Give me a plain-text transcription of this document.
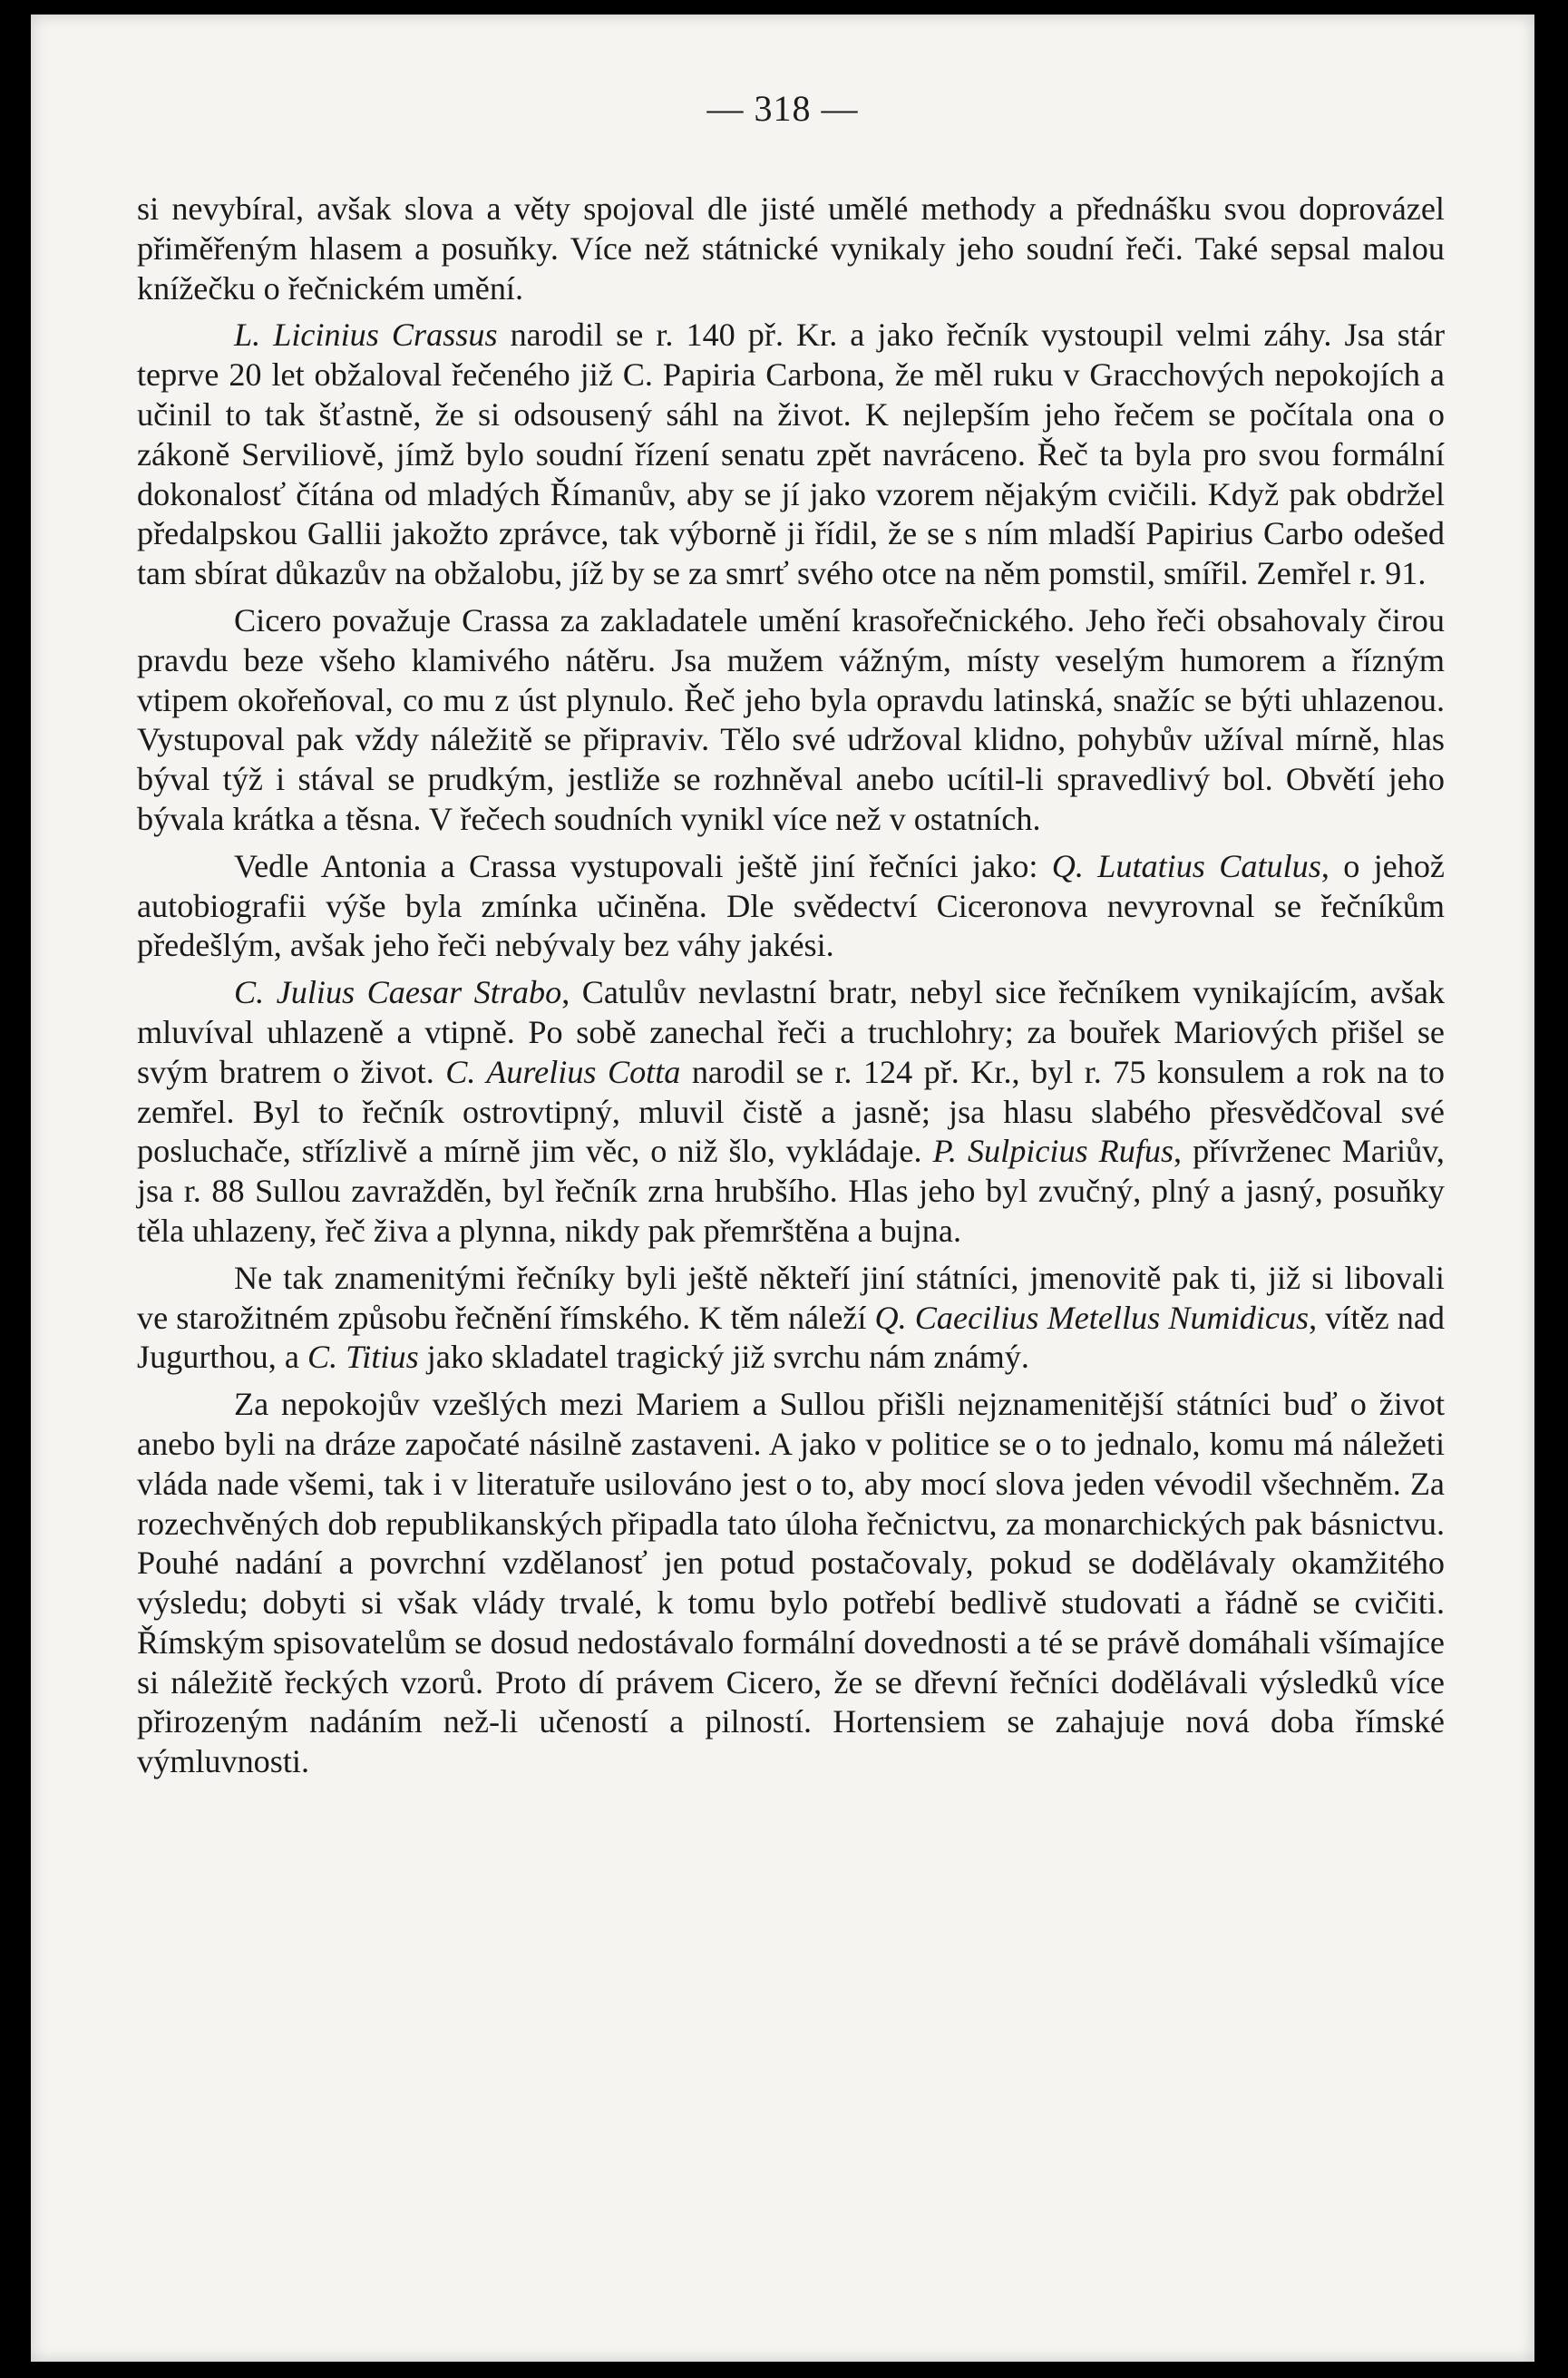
— 318 —

si nevybíral, avšak slova a věty spojoval dle jisté umělé methody a přednášku svou doprovázel přiměřeným hlasem a posuňky. Více než státnické vynikaly jeho soudní řeči. Také sepsal malou knížečku o řečnickém umění.

L. Licinius Crassus narodil se r. 140 př. Kr. a jako řečník vystoupil velmi záhy. Jsa stár teprve 20 let obžaloval řečeného již C. Papiria Carbona, že měl ruku v Gracchových nepokojích a učinil to tak šťastně, že si odsousený sáhl na život. K nejlepším jeho řečem se počítala ona o zákoně Serviliově, jímž bylo soudní řízení senatu zpět navráceno. Řeč ta byla pro svou formální dokonalosť čítána od mladých Římanův, aby se jí jako vzorem nějakým cvičili. Když pak obdržel předalpskou Gallii jakožto zprávce, tak výborně ji řídil, že se s ním mladší Papirius Carbo odešed tam sbírat důkazův na obžalobu, jíž by se za smrť svého otce na něm pomstil, smířil. Zemřel r. 91.

Cicero považuje Crassa za zakladatele umění krasořečnického. Jeho řeči obsahovaly čirou pravdu beze všeho klamivého nátěru. Jsa mužem vážným, místy veselým humorem a řízným vtipem okořeňoval, co mu z úst plynulo. Řeč jeho byla opravdu latinská, snažíc se býti uhlazenou. Vystupoval pak vždy náležitě se připraviv. Tělo své udržoval klidno, pohybův užíval mírně, hlas býval týž i stával se prudkým, jestliže se rozhněval anebo ucítil-li spravedlivý bol. Obvětí jeho bývala krátka a těsna. V řečech soudních vynikl více než v ostatních.

Vedle Antonia a Crassa vystupovali ještě jiní řečníci jako: Q. Lutatius Catulus, o jehož autobiografii výše byla zmínka učiněna. Dle svědectví Ciceronova nevyrovnal se řečníkům předešlým, avšak jeho řeči nebývaly bez váhy jakési.

C. Julius Caesar Strabo, Catulův nevlastní bratr, nebyl sice řečníkem vynikajícím, avšak mluvíval uhlazeně a vtipně. Po sobě zanechal řeči a truchlohry; za bouřek Mariových přišel se svým bratrem o život. C. Aurelius Cotta narodil se r. 124 př. Kr., byl r. 75 konsulem a rok na to zemřel. Byl to řečník ostrovtipný, mluvil čistě a jasně; jsa hlasu slabého přesvědčoval své posluchače, střízlivě a mírně jim věc, o niž šlo, vykládaje. P. Sulpicius Rufus, přívrženec Mariův, jsa r. 88 Sullou zavražděn, byl řečník zrna hrubšího. Hlas jeho byl zvučný, plný a jasný, posuňky těla uhlazeny, řeč živa a plynna, nikdy pak přemrštěna a bujna.

Ne tak znamenitými řečníky byli ještě někteří jiní státníci, jmenovitě pak ti, již si libovali ve starožitném způsobu řečnění římského. K těm náleží Q. Caecilius Metellus Numidicus, vítěz nad Jugurthou, a C. Titius jako skladatel tragický již svrchu nám známý.

Za nepokojův vzešlých mezi Mariem a Sullou přišli nejznamenitější státníci buď o život anebo byli na dráze započaté násilně zastaveni. A jako v politice se o to jednalo, komu má náležeti vláda nade všemi, tak i v literatuře usilováno jest o to, aby mocí slova jeden vévodil všechněm. Za rozechvěných dob republikanských připadla tato úloha řečnictvu, za monarchických pak básnictvu. Pouhé nadání a povrchní vzdělanosť jen potud postačovaly, pokud se dodělávaly okamžitého výsledu; dobyti si však vlády trvalé, k tomu bylo potřebí bedlivě studovati a řádně se cvičiti. Římským spisovatelům se dosud nedostávalo formální dovednosti a té se právě domáhali všímajíce si náležitě řeckých vzorů. Proto dí právem Cicero, že se dřevní řečníci dodělávali výsledků více přirozeným nadáním než-li učeností a pilností. Hortensiem se zahajuje nová doba římské výmluvnosti.
